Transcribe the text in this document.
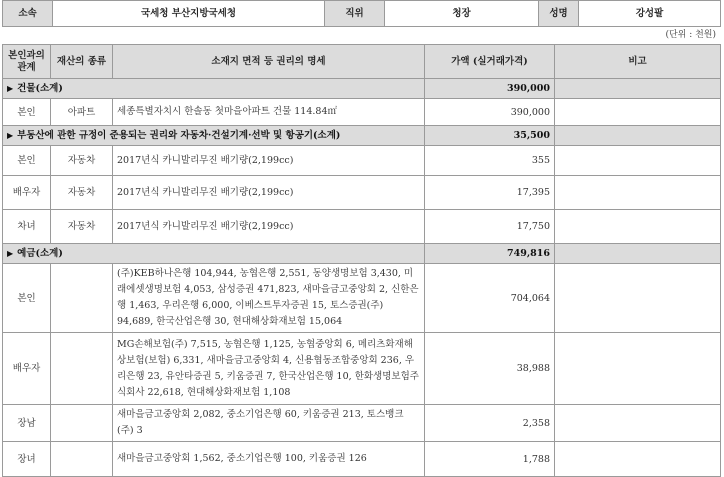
소속	국세청 부산지방국세청	직위	청장	성명	강성팔
(단위 : 천원)
본인과의 관계	재산의 종류	소재지 면적 등 권리의 명세	가액 (실거래가격)	비고
▶ 건물(소계)			390,000	
본인	아파트	세종특별자치시 한솔동 첫마을아파트 건물 114.84㎡	390,000	
▶ 부동산에 관한 규정이 준용되는 권리와 자동차·건설기계·선박 및 항공기(소계)			35,500	
본인	자동차	2017년식 카니발리무진 배기량(2,199cc)	355	
배우자	자동차	2017년식 카니발리무진 배기량(2,199cc)	17,395	
차녀	자동차	2017년식 카니발리무진 배기량(2,199cc)	17,750	
▶ 예금(소계)			749,816	
본인		(주)KEB하나은행 104,944, 농협은행 2,551, 동양생명보험 3,430, 미래에셋생명보험 4,053, 삼성증권 471,823, 새마을금고중앙회 2, 신한은행 1,463, 우리은행 6,000, 이베스트투자증권 15, 토스증권(주) 94,689, 한국산업은행 30, 현대해상화재보험 15,064	704,064	
배우자		MG손해보험(주) 7,515, 농협은행 1,125, 농협중앙회 6, 메리츠화재해상보험(보험) 6,331, 새마을금고중앙회 4, 신용협동조합중앙회 236, 우리은행 23, 유안타증권 5, 키움증권 7, 한국산업은행 10, 한화생명보험주식회사 22,618, 현대해상화재보험 1,108	38,988	
장남		새마을금고중앙회 2,082, 중소기업은행 60, 키움증권 213, 토스뱅크(주) 3	2,358	
장녀		새마을금고중앙회 1,562, 중소기업은행 100, 키움증권 126	1,788	
